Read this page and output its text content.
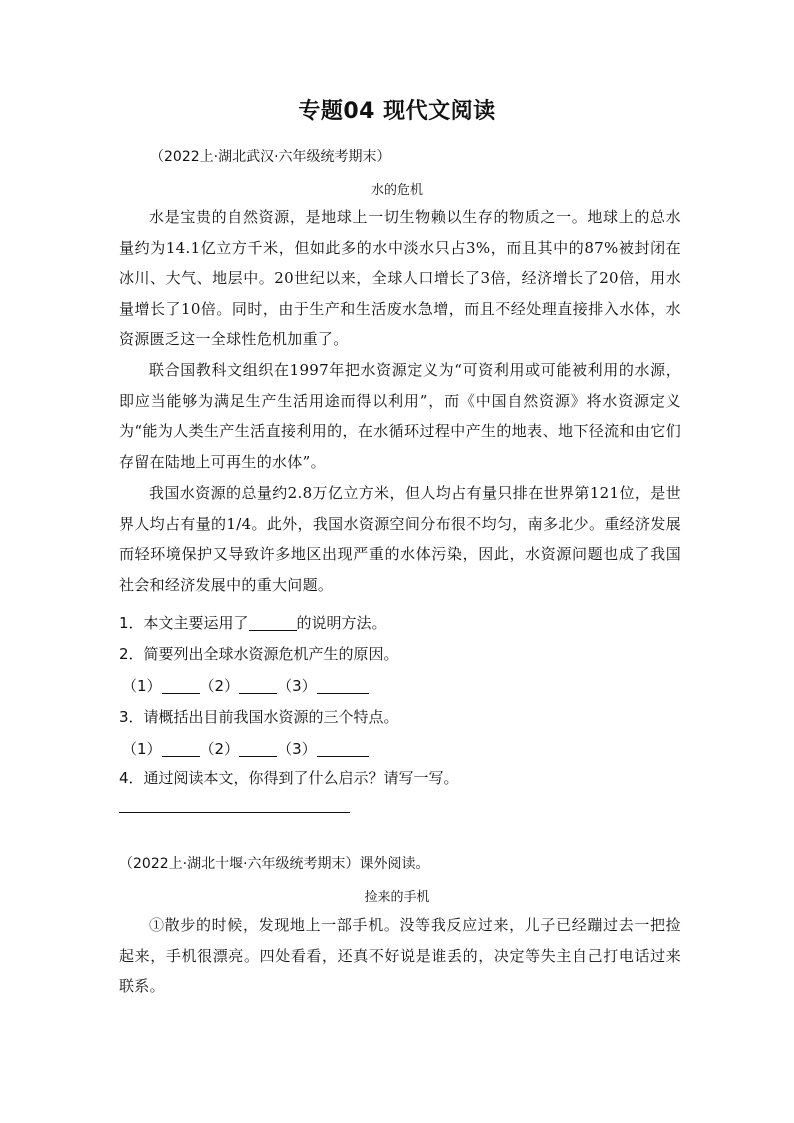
专题04 现代文阅读
（2022上·湖北武汉·六年级统考期末）
水的危机
水是宝贵的自然资源，是地球上一切生物赖以生存的物质之一。地球上的总水量约为14.1亿立方千米，但如此多的水中淡水只占3%，而且其中的87%被封闭在冰川、大气、地层中。20世纪以来，全球人口增长了3倍，经济增长了20倍，用水量增长了10倍。同时，由于生产和生活废水急增，而且不经处理直接排入水体，水资源匮乏这一全球性危机加重了。
联合国教科文组织在1997年把水资源定义为“可资利用或可能被利用的水源，即应当能够为满足生产生活用途而得以利用”，而《中国自然资源》将水资源定义为“能为人类生产生活直接利用的，在水循环过程中产生的地表、地下径流和由它们存留在陆地上可再生的水体”。
我国水资源的总量约2.8万亿立方米，但人均占有量只排在世界第121位，是世界人均占有量的1/4。此外，我国水资源空间分布很不均匀，南多北少。重经济发展而轻环境保护又导致许多地区出现严重的水体污染，因此，水资源问题也成了我国社会和经济发展中的重大问题。
1．本文主要运用了	的说明方法。
2．简要列出全球水资源危机产生的原因。
（1）	（2）	（3）
3．请概括出目前我国水资源的三个特点。
（1）	（2）	（3）
4．通过阅读本文，你得到了什么启示？请写一写。
（2022上·湖北十堰·六年级统考期末）课外阅读。
捡来的手机
①散步的时候，发现地上一部手机。没等我反应过来，儿子已经蹦过去一把捡起来，手机很漂亮。四处看看，还真不好说是谁丢的，决定等失主自己打电话过来联系。
